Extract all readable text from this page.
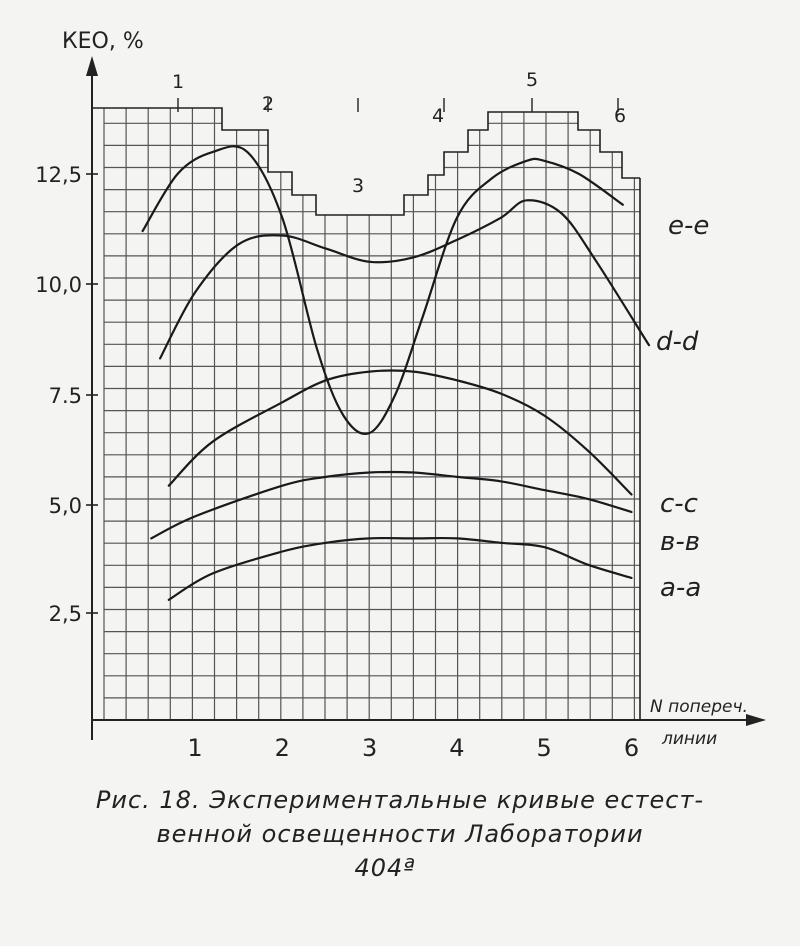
2,5
5,0
7.5
10,0
12,5
1	2	3	4	5	6
1
2
3
4
5
6
КЕО, %
N попереч.
линии
e-e
d-d
c-c
в-в
a-a
Рис. 18. Экспериментальные кривые естест-
венной освещенности Лаборатории
404ª
